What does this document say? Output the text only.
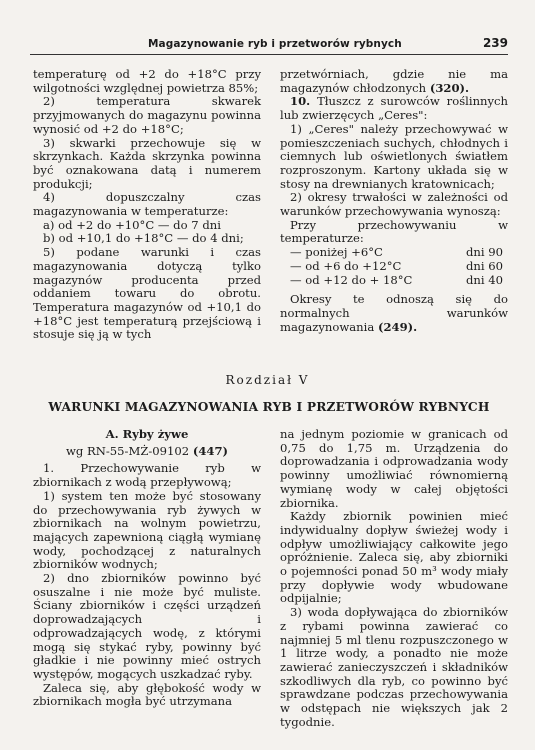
Magazynowanie ryb i przetworów rybnych	239

temperaturę od +2 do +18°C przy wilgotności względnej powietrza 85%;

2) temperatura skwarek przyjmowanych do magazynu powinna wynosić od +2 do +18°C;

3) skwarki przechowuje się w skrzynkach. Każda skrzynka powinna być oznakowana datą i numerem produkcji;

4) dopuszczalny czas magazynowania w temperaturze:

a) od +2 do +10°C — do 7 dni

b) od +10,1 do +18°C — do 4 dni;

5) podane warunki i czas magazynowania dotyczą tylko magazynów producenta przed oddaniem towaru do obrotu. Temperatura magazynów od +10,1 do +18°C jest temperaturą przejściową i stosuje się ją w tych

przetwórniach, gdzie nie ma magazynów chłodzonych (320).

10. Tłuszcz z surowców roślinnych lub zwierzęcych „Ceres":

1) „Ceres" należy przechowywać w pomieszczeniach suchych, chłodnych i ciemnych lub oświetlonych światłem rozproszonym. Kartony układa się w stosy na drewnianych kratownicach;

2) okresy trwałości w zależności od warunków przechowywania wynoszą:

Przy przechowywaniu w temperaturze:

— poniżej +6°C	dni 90
— od +6 do +12°C	dni 60
— od +12 do + 18°C	dni 40

Okresy te odnoszą się do normalnych warunków magazynowania (249).

Rozdział V
WARUNKI MAGAZYNOWANIA RYB I PRZETWORÓW RYBNYCH
A. Ryby żywe
wg RN-55-MŻ-09102 (447)

1. Przechowywanie ryb w zbiornikach z wodą przepływową;

1) system ten może być stosowany do przechowywania ryb żywych w zbiornikach na wolnym powietrzu, mających zapewnioną ciągłą wymianę wody, pochodzącej z naturalnych zbiorników wodnych;

2) dno zbiorników powinno być osuszalne i nie może być muliste. Ściany zbiorników i części urządzeń doprowadzających i odprowadzających wodę, z którymi mogą się stykać ryby, powinny być gładkie i nie powinny mieć ostrych występów, mogących uszkadzać ryby.

Zaleca się, aby głębokość wody w zbiornikach mogła być utrzymana

na jednym poziomie w granicach od 0,75 do 1,75 m. Urządzenia do doprowadzania i odprowadzania wody powinny umożliwiać równomierną wymianę wody w całej objętości zbiornika.

Każdy zbiornik powinien mieć indywidualny dopływ świeżej wody i odpływ umożliwiający całkowite jego opróżnienie. Zaleca się, aby zbiorniki o pojemności ponad 50 m³ wody miały przy dopływie wody wbudowane odpijalnie;

3) woda dopływająca do zbiorników z rybami powinna zawierać co najmniej 5 ml tlenu rozpuszczonego w 1 litrze wody, a ponadto nie może zawierać zanieczyszczeń i składników szkodliwych dla ryb, co powinno być sprawdzane podczas przechowywania w odstępach nie większych jak 2 tygodnie.
